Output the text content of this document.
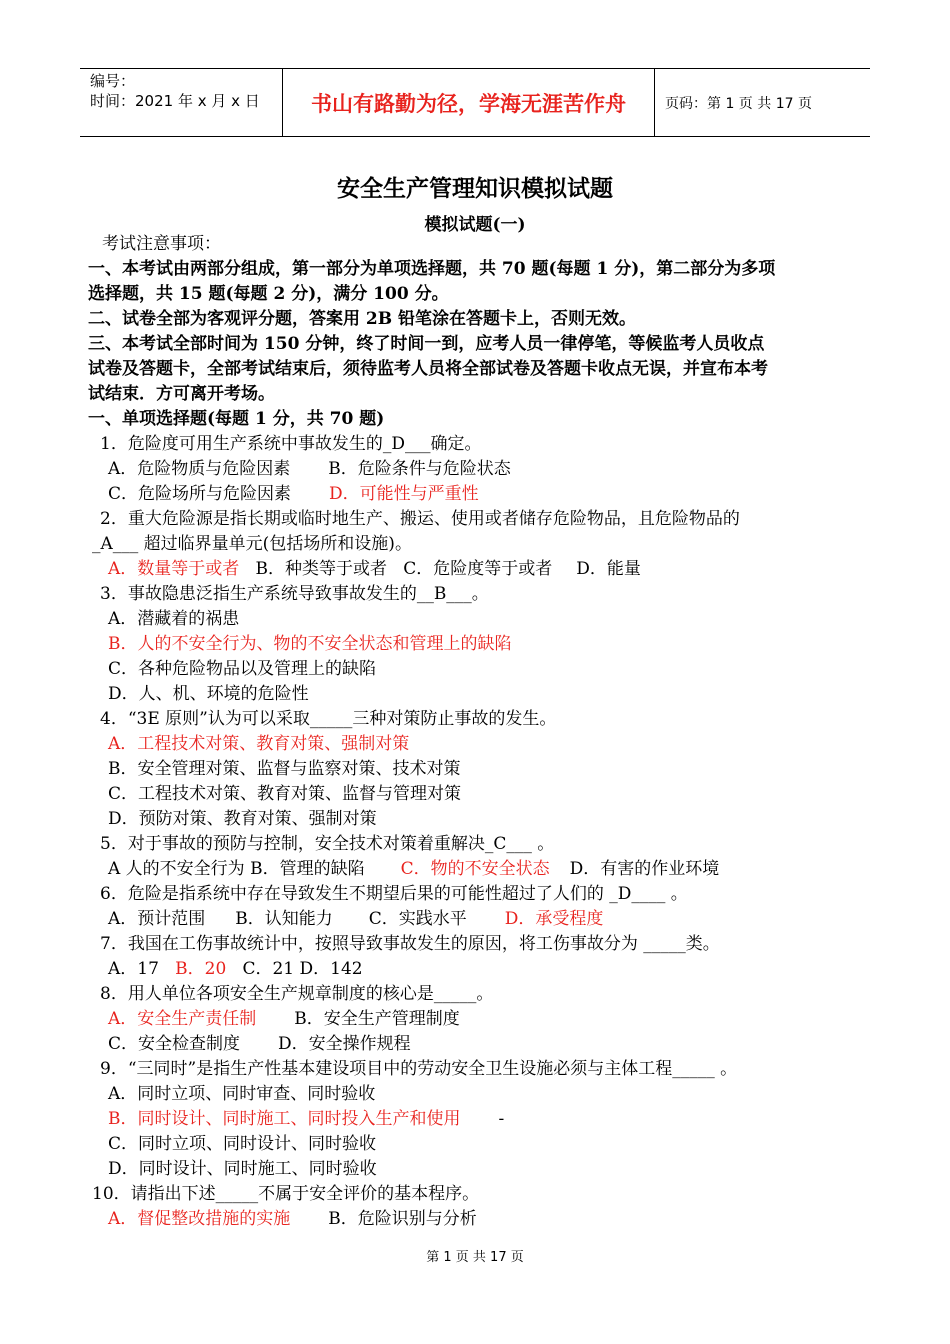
编号：
时间：2021 年 x 月 x 日	书山有路勤为径，学海无涯苦作舟	页码：第 1 页 共 17 页
安全生产管理知识模拟试题
模拟试题(一)
考试注意事项：
一、本考试由两部分组成，第一部分为单项选择题，共 70 题(每题 1 分)，第二部分为多项
选择题，共 15 题(每题 2 分)，满分 100 分。
二、试卷全部为客观评分题，答案用 2B 铅笔涂在答题卡上，否则无效。
三、本考试全部时间为 150 分钟，终了时间一到，应考人员一律停笔，等候监考人员收点
试卷及答题卡，全部考试结束后，须待监考人员将全部试卷及答题卡收点无误，并宣布本考
试结束．方可离开考场。
一、单项选择题(每题 1 分，共 70 题)
1．危险度可用生产系统中事故发生的_D___确定。
A．危险物质与危险因素 B．危险条件与危险状态
C．危险场所与危险因素 D．可能性与严重性
2．重大危险源是指长期或临时地生产、搬运、使用或者储存危险物品，且危险物品的
_A___ 超过临界量单元(包括场所和设施)。
A．数量等于或者 B．种类等于或者 C．危险度等于或者 D．能量
3．事故隐患泛指生产系统导致事故发生的__B___。
A．潜藏着的祸患
B．人的不安全行为、物的不安全状态和管理上的缺陷
C．各种危险物品以及管理上的缺陷
D．人、机、环境的危险性
4．“3E 原则”认为可以采取_____三种对策防止事故的发生。
A．工程技术对策、教育对策、强制对策
B．安全管理对策、监督与监察对策、技术对策
C．工程技术对策、教育对策、监督与管理对策
D．预防对策、教育对策、强制对策
5．对于事故的预防与控制，安全技术对策着重解决_C___ 。
A 人的不安全行为 B．管理的缺陷 C．物的不安全状态 D．有害的作业环境
6．危险是指系统中存在导致发生不期望后果的可能性超过了人们的 _D____ 。
A．预计范围 B．认知能力 C．实践水平 D．承受程度
7．我国在工伤事故统计中，按照导致事故发生的原因，将工伤事故分为 _____类。
A．17 B．20 C．21 D．142
8．用人单位各项安全生产规章制度的核心是_____。
A．安全生产责任制 B．安全生产管理制度
C．安全检查制度 D．安全操作规程
9．“三同时”是指生产性基本建设项目中的劳动安全卫生设施必须与主体工程_____ 。
A．同时立项、同时审查、同时验收
B．同时设计、同时施工、同时投入生产和使用 -
C．同时立项、同时设计、同时验收
D．同时设计、同时施工、同时验收
10．请指出下述_____不属于安全评价的基本程序。
A．督促整改措施的实施 B．危险识别与分析
第 1 页 共 17 页
